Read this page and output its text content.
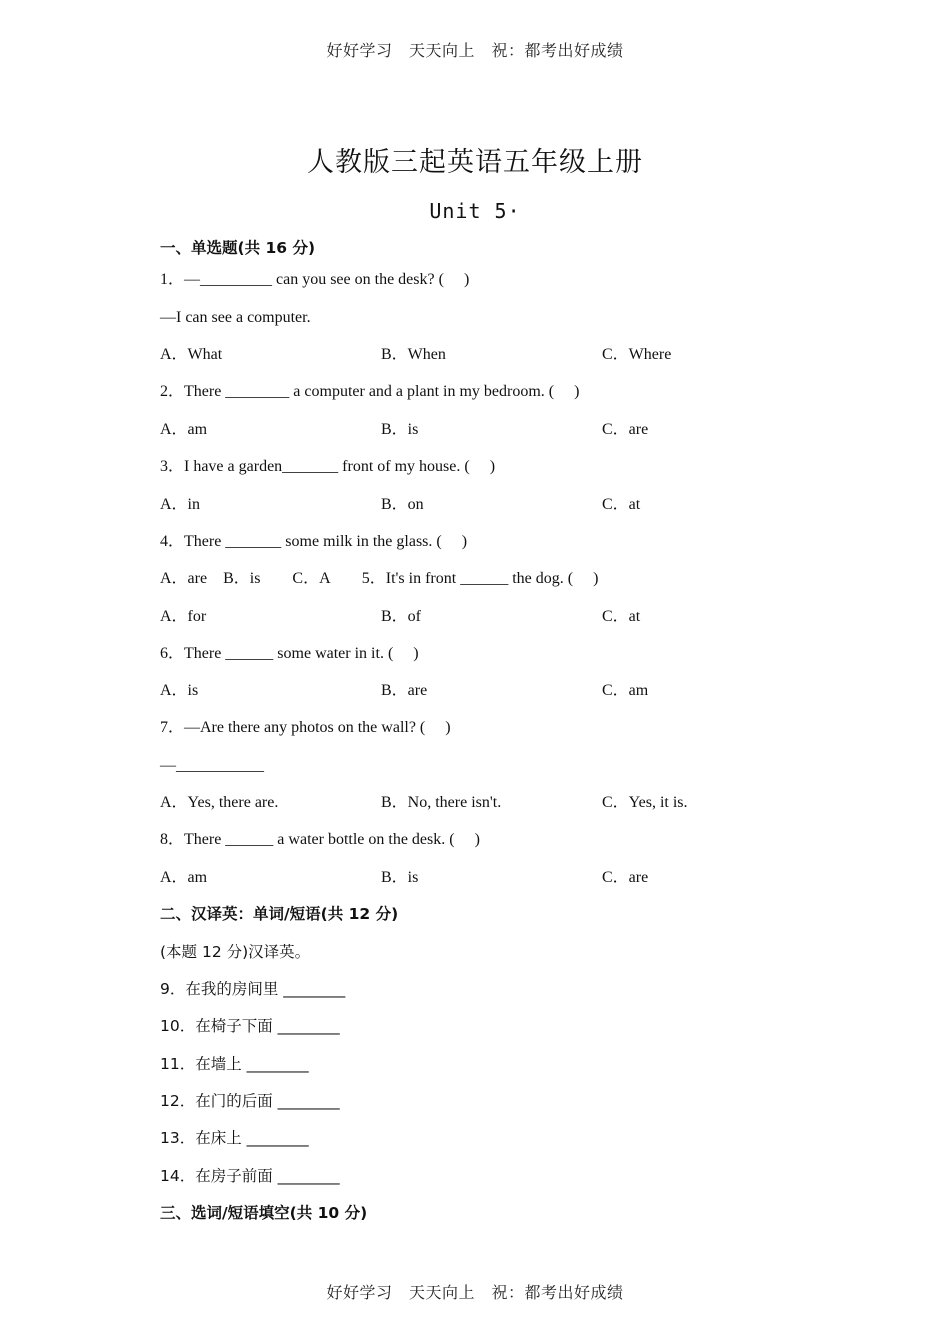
好好学习　天天向上　祝：都考出好成绩
人教版三起英语五年级上册
Unit 5·
一、单选题(共 16 分)
1．—_________ can you see on the desk? (　 )
—I can see a computer.
A．What	B．When	C．Where
2．There ________ a computer and a plant in my bedroom. (　 )
A．am	B．is	C．are
3．I have a garden_______ front of my house. (　 )
A．in	B．on	C．at
4．There _______ some milk in the glass. (　 )
A．are　B．is　　C．A　　5．It's in front ______ the dog. (　 )
A．for	B．of	C．at
6．There ______ some water in it. (　 )
A．is	B．are	C．am
7．—Are there any photos on the wall? (　 )
—___________
A．Yes, there are.	B．No, there isn't.	C．Yes, it is.
8．There ______ a water bottle on the desk. (　 )
A．am	B．is	C．are
二、汉译英：单词/短语(共 12 分)
(本题 12 分)汉译英。
9．在我的房间里 ________
10．在椅子下面 ________
11．在墙上 ________
12．在门的后面 ________
13．在床上 ________
14．在房子前面 ________
三、选词/短语填空(共 10 分)
好好学习　天天向上　祝：都考出好成绩
